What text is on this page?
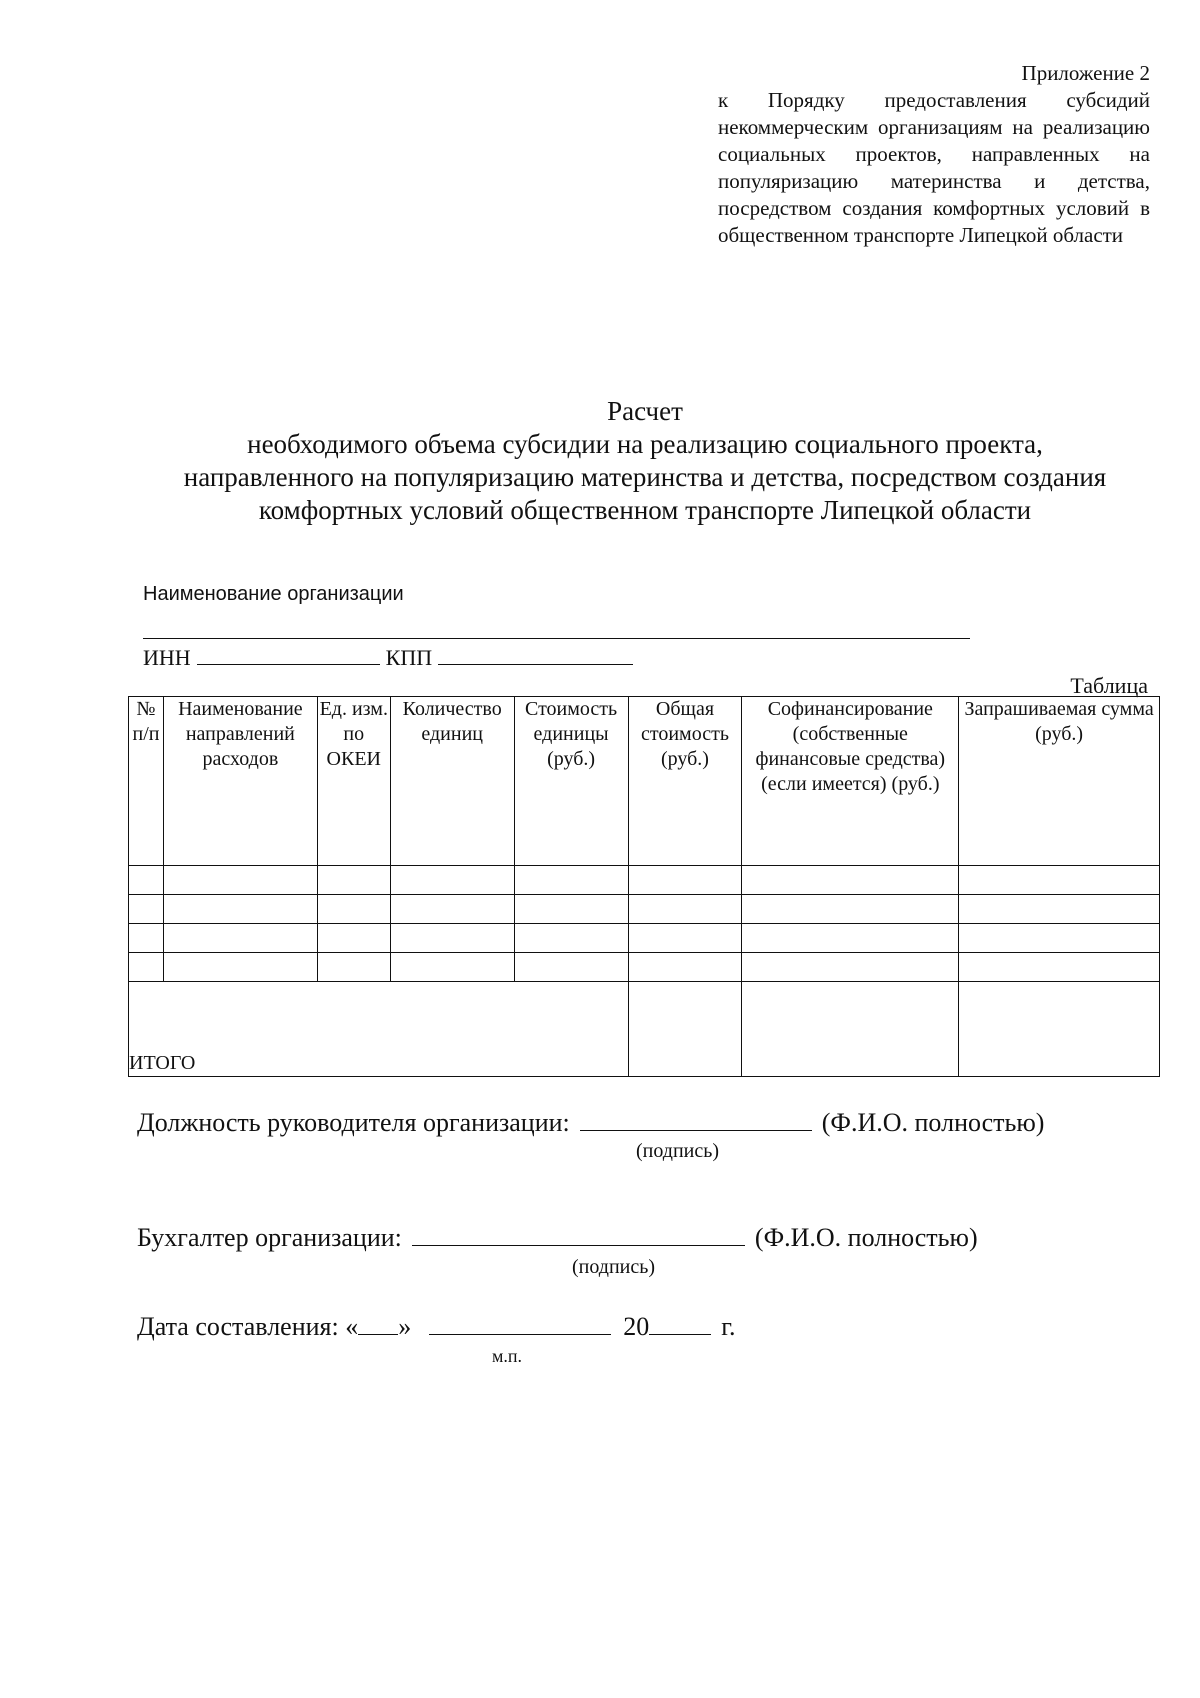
Приложение 2
к Порядку предоставления субсидий некоммерческим организациям на реализацию социальных проектов, направленных на популяризацию материнства и детства, посредством создания комфортных условий в общественном транспорте Липецкой области
Расчет
необходимого объема субсидии на реализацию социального проекта,
направленного на популяризацию материнства и детства, посредством создания
комфортных условий общественном транспорте Липецкой области
Наименование организации
ИНН	КПП
Таблица
№ п/п	Наименование направлений расходов	Ед. изм. по ОКЕИ	Количество единиц	Стоимость единицы (руб.)	Общая стоимость (руб.)	Софинансирование (собственные финансовые средства) (если имеется) (руб.)	Запрашиваемая сумма (руб.)

ИТОГО							
Должность руководителя организации:	(Ф.И.О. полностью)
(подпись)
Бухгалтер организации:	(Ф.И.О. полностью)
(подпись)
Дата составления: « »	20	г.
м.п.
